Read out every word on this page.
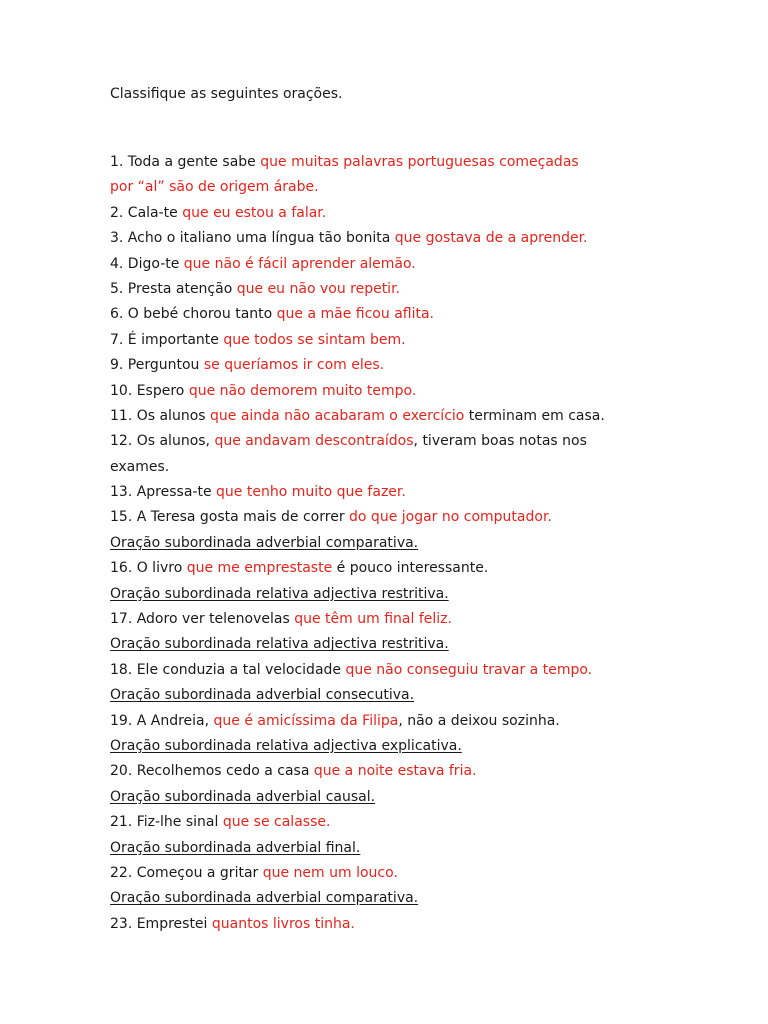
Classifique as seguintes orações.
1. Toda a gente sabe que muitas palavras portuguesas começadas
por “al” são de origem árabe.
2. Cala-te que eu estou a falar.
3. Acho o italiano uma língua tão bonita que gostava de a aprender.
4. Digo-te que não é fácil aprender alemão.
5. Presta atenção que eu não vou repetir.
6. O bebé chorou tanto que a mãe ficou aflita.
7. É importante que todos se sintam bem.
9. Perguntou se queríamos ir com eles.
10. Espero que não demorem muito tempo.
11. Os alunos que ainda não acabaram o exercício terminam em casa.
12. Os alunos, que andavam descontraídos, tiveram boas notas nos
exames.
13. Apressa-te que tenho muito que fazer.
15. A Teresa gosta mais de correr do que jogar no computador.
Oração subordinada adverbial comparativa.
16. O livro que me emprestaste é pouco interessante.
Oração subordinada relativa adjectiva restritiva.
17. Adoro ver telenovelas que têm um final feliz.
Oração subordinada relativa adjectiva restritiva.
18. Ele conduzia a tal velocidade que não conseguiu travar a tempo.
Oração subordinada adverbial consecutiva.
19. A Andreia, que é amicíssima da Filipa, não a deixou sozinha.
Oração subordinada relativa adjectiva explicativa.
20. Recolhemos cedo a casa que a noite estava fria.
Oração subordinada adverbial causal.
21. Fiz-lhe sinal que se calasse.
Oração subordinada adverbial final.
22. Começou a gritar que nem um louco.
Oração subordinada adverbial comparativa.
23. Emprestei quantos livros tinha.
